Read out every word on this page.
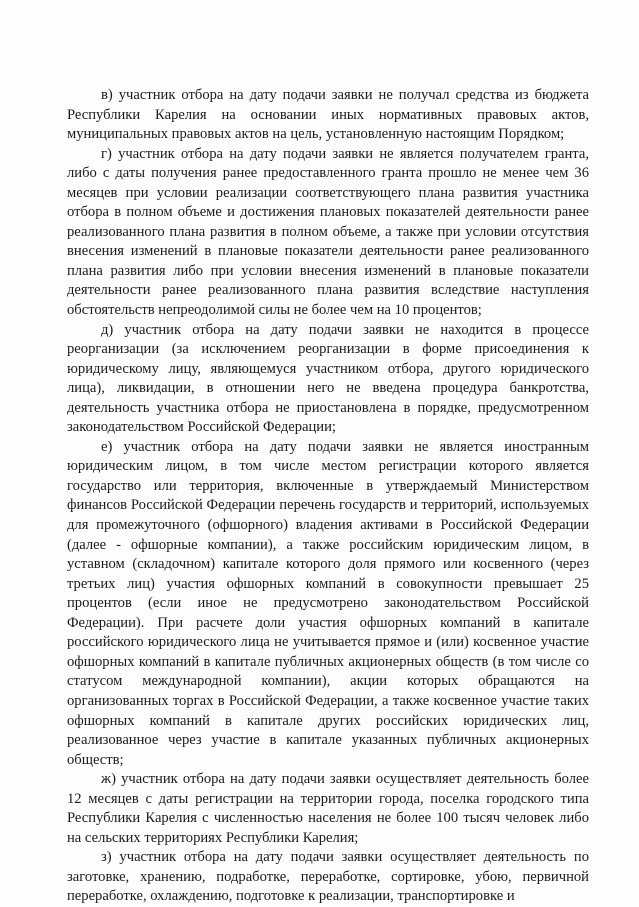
в) участник отбора на дату подачи заявки не получал средства из бюджета Республики Карелия на основании иных нормативных правовых актов, муниципальных правовых актов на цель, установленную настоящим Порядком;

г) участник отбора на дату подачи заявки не является получателем гранта, либо с даты получения ранее предоставленного гранта прошло не менее чем 36 месяцев при условии реализации соответствующего плана развития участника отбора в полном объеме и достижения плановых показателей деятельности ранее реализованного плана развития в полном объеме, а также при условии отсутствия внесения изменений в плановые показатели деятельности ранее реализованного плана развития либо при условии внесения изменений в плановые показатели деятельности ранее реализованного плана развития вследствие наступления обстоятельств непреодолимой силы не более чем на 10 процентов;

д) участник отбора на дату подачи заявки не находится в процессе реорганизации (за исключением реорганизации в форме присоединения к юридическому лицу, являющемуся участником отбора, другого юридического лица), ликвидации, в отношении него не введена процедура банкротства, деятельность участника отбора не приостановлена в порядке, предусмотренном законодательством Российской Федерации;

е) участник отбора на дату подачи заявки не является иностранным юридическим лицом, в том числе местом регистрации которого является государство или территория, включенные в утверждаемый Министерством финансов Российской Федерации перечень государств и территорий, используемых для промежуточного (офшорного) владения активами в Российской Федерации (далее - офшорные компании), а также российским юридическим лицом, в уставном (складочном) капитале которого доля прямого или косвенного (через третьих лиц) участия офшорных компаний в совокупности превышает 25 процентов (если иное не предусмотрено законодательством Российской Федерации). При расчете доли участия офшорных компаний в капитале российского юридического лица не учитывается прямое и (или) косвенное участие офшорных компаний в капитале публичных акционерных обществ (в том числе со статусом международной компании), акции которых обращаются на организованных торгах в Российской Федерации, а также косвенное участие таких офшорных компаний в капитале других российских юридических лиц, реализованное через участие в капитале указанных публичных акционерных обществ;

ж) участник отбора на дату подачи заявки осуществляет деятельность более 12 месяцев с даты регистрации на территории города, поселка городского типа Республики Карелия с численностью населения не более 100 тысяч человек либо на сельских территориях Республики Карелия;

з) участник отбора на дату подачи заявки осуществляет деятельность по заготовке, хранению, подработке, переработке, сортировке, убою, первичной переработке, охлаждению, подготовке к реализации, транспортировке и
